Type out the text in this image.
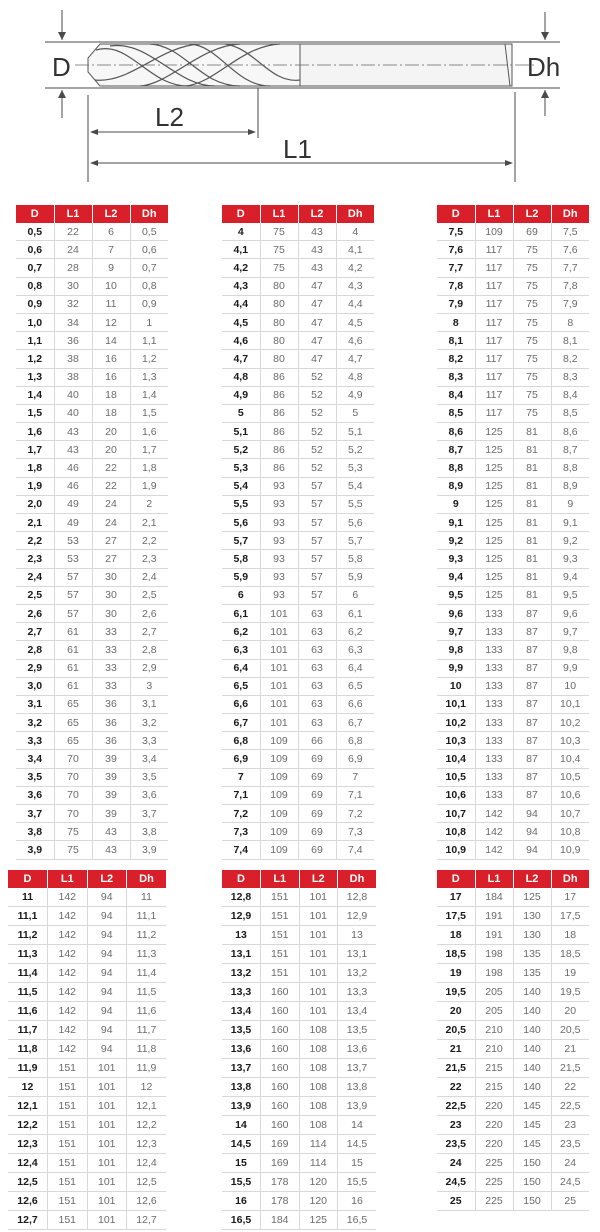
D	Dh
L2
L1
D	L1	L2	Dh
0,5	22	6	0,5
0,6	24	7	0,6
0,7	28	9	0,7
0,8	30	10	0,8
0,9	32	11	0,9
1,0	34	12	1
1,1	36	14	1,1
1,2	38	16	1,2
1,3	38	16	1,3
1,4	40	18	1,4
1,5	40	18	1,5
1,6	43	20	1,6
1,7	43	20	1,7
1,8	46	22	1,8
1,9	46	22	1,9
2,0	49	24	2
2,1	49	24	2,1
2,2	53	27	2,2
2,3	53	27	2,3
2,4	57	30	2,4
2,5	57	30	2,5
2,6	57	30	2,6
2,7	61	33	2,7
2,8	61	33	2,8
2,9	61	33	2,9
3,0	61	33	3
3,1	65	36	3,1
3,2	65	36	3,2
3,3	65	36	3,3
3,4	70	39	3,4
3,5	70	39	3,5
3,6	70	39	3,6
3,7	70	39	3,7
3,8	75	43	3,8
3,9	75	43	3,9
D	L1	L2	Dh
4	75	43	4
4,1	75	43	4,1
4,2	75	43	4,2
4,3	80	47	4,3
4,4	80	47	4,4
4,5	80	47	4,5
4,6	80	47	4,6
4,7	80	47	4,7
4,8	86	52	4,8
4,9	86	52	4,9
5	86	52	5
5,1	86	52	5,1
5,2	86	52	5,2
5,3	86	52	5,3
5,4	93	57	5,4
5,5	93	57	5,5
5,6	93	57	5,6
5,7	93	57	5,7
5,8	93	57	5,8
5,9	93	57	5,9
6	93	57	6
6,1	101	63	6,1
6,2	101	63	6,2
6,3	101	63	6,3
6,4	101	63	6,4
6,5	101	63	6,5
6,6	101	63	6,6
6,7	101	63	6,7
6,8	109	66	6,8
6,9	109	69	6,9
7	109	69	7
7,1	109	69	7,1
7,2	109	69	7,2
7,3	109	69	7,3
7,4	109	69	7,4
D	L1	L2	Dh
7,5	109	69	7,5
7,6	117	75	7,6
7,7	117	75	7,7
7,8	117	75	7,8
7,9	117	75	7,9
8	117	75	8
8,1	117	75	8,1
8,2	117	75	8,2
8,3	117	75	8,3
8,4	117	75	8,4
8,5	117	75	8,5
8,6	125	81	8,6
8,7	125	81	8,7
8,8	125	81	8,8
8,9	125	81	8,9
9	125	81	9
9,1	125	81	9,1
9,2	125	81	9,2
9,3	125	81	9,3
9,4	125	81	9,4
9,5	125	81	9,5
9,6	133	87	9,6
9,7	133	87	9,7
9,8	133	87	9,8
9,9	133	87	9,9
10	133	87	10
10,1	133	87	10,1
10,2	133	87	10,2
10,3	133	87	10,3
10,4	133	87	10,4
10,5	133	87	10,5
10,6	133	87	10,6
10,7	142	94	10,7
10,8	142	94	10,8
10,9	142	94	10,9
D	L1	L2	Dh
11	142	94	11
11,1	142	94	11,1
11,2	142	94	11,2
11,3	142	94	11,3
11,4	142	94	11,4
11,5	142	94	11,5
11,6	142	94	11,6
11,7	142	94	11,7
11,8	142	94	11,8
11,9	151	101	11,9
12	151	101	12
12,1	151	101	12,1
12,2	151	101	12,2
12,3	151	101	12,3
12,4	151	101	12,4
12,5	151	101	12,5
12,6	151	101	12,6
12,7	151	101	12,7
D	L1	L2	Dh
12,8	151	101	12,8
12,9	151	101	12,9
13	151	101	13
13,1	151	101	13,1
13,2	151	101	13,2
13,3	160	101	13,3
13,4	160	101	13,4
13,5	160	108	13,5
13,6	160	108	13,6
13,7	160	108	13,7
13,8	160	108	13,8
13,9	160	108	13,9
14	160	108	14
14,5	169	114	14,5
15	169	114	15
15,5	178	120	15,5
16	178	120	16
16,5	184	125	16,5
D	L1	L2	Dh
17	184	125	17
17,5	191	130	17,5
18	191	130	18
18,5	198	135	18,5
19	198	135	19
19,5	205	140	19,5
20	205	140	20
20,5	210	140	20,5
21	210	140	21
21,5	215	140	21,5
22	215	140	22
22,5	220	145	22,5
23	220	145	23
23,5	220	145	23,5
24	225	150	24
24,5	225	150	24,5
25	225	150	25
